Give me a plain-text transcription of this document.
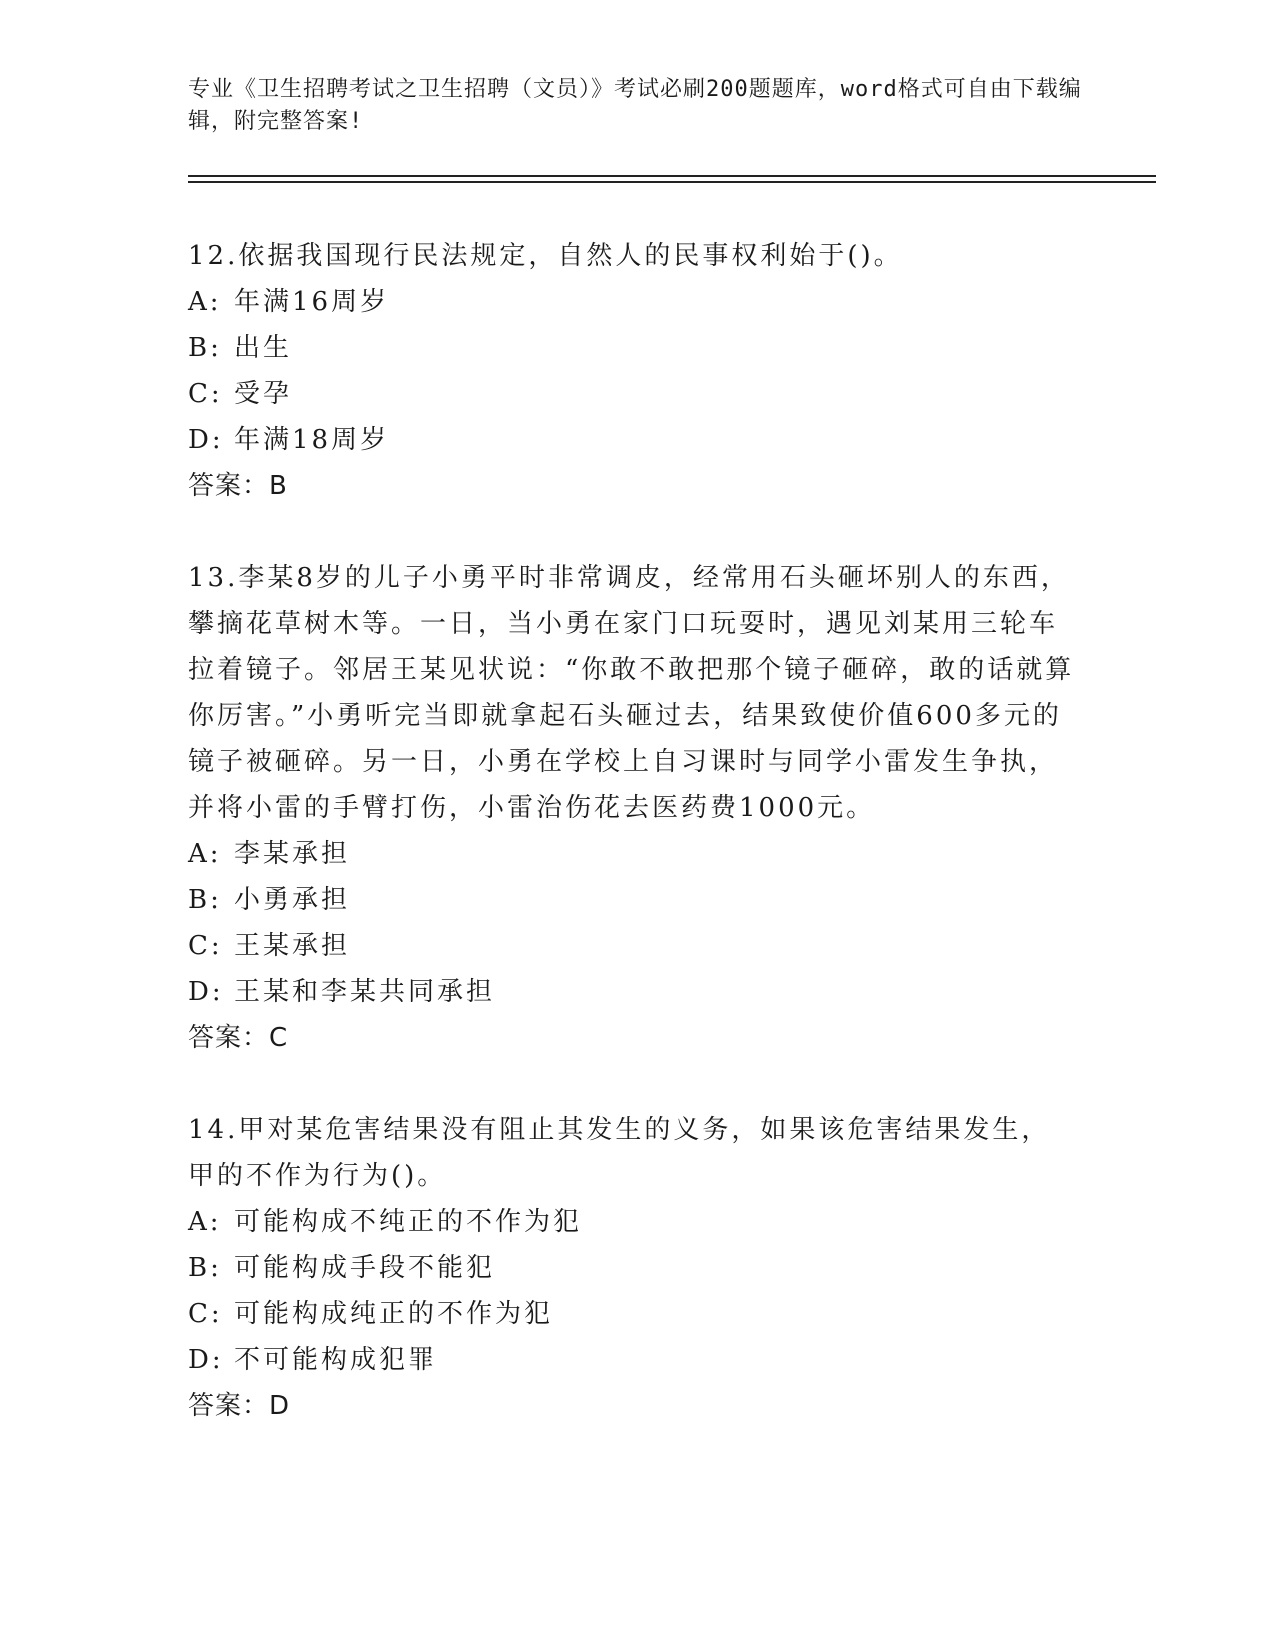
专业《卫生招聘考试之卫生招聘（文员）》考试必刷200题题库，word格式可自由下载编辑，附完整答案!

12.依据我国现行民法规定，自然人的民事权利始于()。

A: 年满16周岁

B: 出生

C: 受孕

D: 年满18周岁

答案：B

13.李某8岁的儿子小勇平时非常调皮，经常用石头砸坏别人的东西，攀摘花草树木等。一日，当小勇在家门口玩耍时，遇见刘某用三轮车拉着镜子。邻居王某见状说：“你敢不敢把那个镜子砸碎，敢的话就算你厉害。”小勇听完当即就拿起石头砸过去，结果致使价值600多元的镜子被砸碎。另一日，小勇在学校上自习课时与同学小雷发生争执，并将小雷的手臂打伤，小雷治伤花去医药费1000元。

A: 李某承担

B: 小勇承担

C: 王某承担

D: 王某和李某共同承担

答案：C

14.甲对某危害结果没有阻止其发生的义务，如果该危害结果发生，甲的不作为行为()。

A: 可能构成不纯正的不作为犯

B: 可能构成手段不能犯

C: 可能构成纯正的不作为犯

D: 不可能构成犯罪

答案：D
